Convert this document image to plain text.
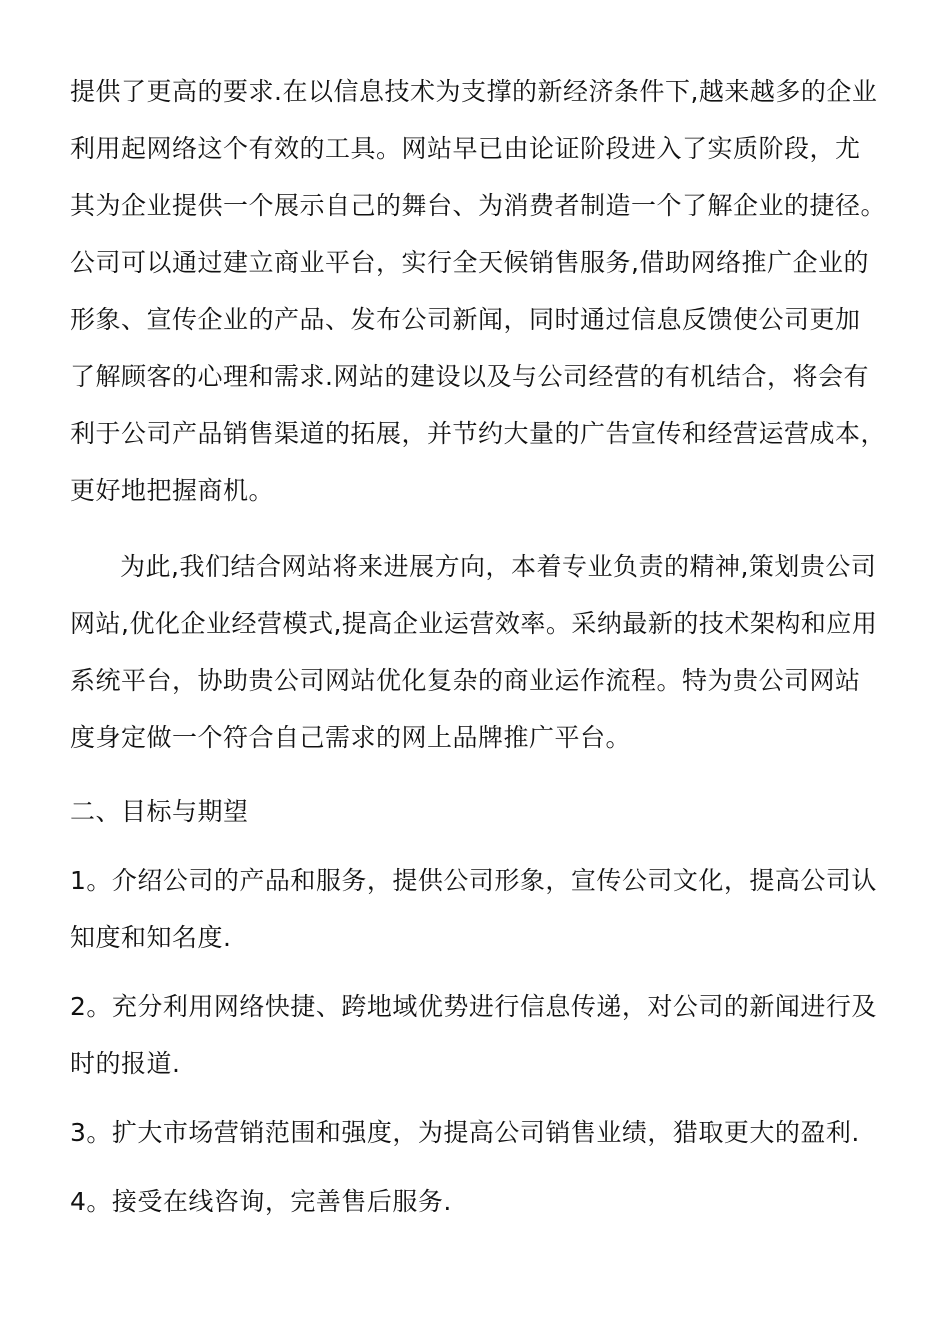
提供了更高的要求.在以信息技术为支撑的新经济条件下,越来越多的企业
利用起网络这个有效的工具。网站早已由论证阶段进入了实质阶段，尤
其为企业提供一个展示自己的舞台、为消费者制造一个了解企业的捷径。
公司可以通过建立商业平台，实行全天候销售服务,借助网络推广企业的
形象、宣传企业的产品、发布公司新闻，同时通过信息反馈使公司更加
了解顾客的心理和需求.网站的建设以及与公司经营的有机结合，将会有
利于公司产品销售渠道的拓展，并节约大量的广告宣传和经营运营成本，
更好地把握商机。
为此,我们结合网站将来进展方向，本着专业负责的精神,策划贵公司
网站,优化企业经营模式,提高企业运营效率。采纳最新的技术架构和应用
系统平台，协助贵公司网站优化复杂的商业运作流程。特为贵公司网站
度身定做一个符合自己需求的网上品牌推广平台。
二、目标与期望
1。介绍公司的产品和服务，提供公司形象，宣传公司文化，提高公司认
知度和知名度.
2。充分利用网络快捷、跨地域优势进行信息传递，对公司的新闻进行及
时的报道.
3。扩大市场营销范围和强度，为提高公司销售业绩，猎取更大的盈利.
4。接受在线咨询，完善售后服务.
